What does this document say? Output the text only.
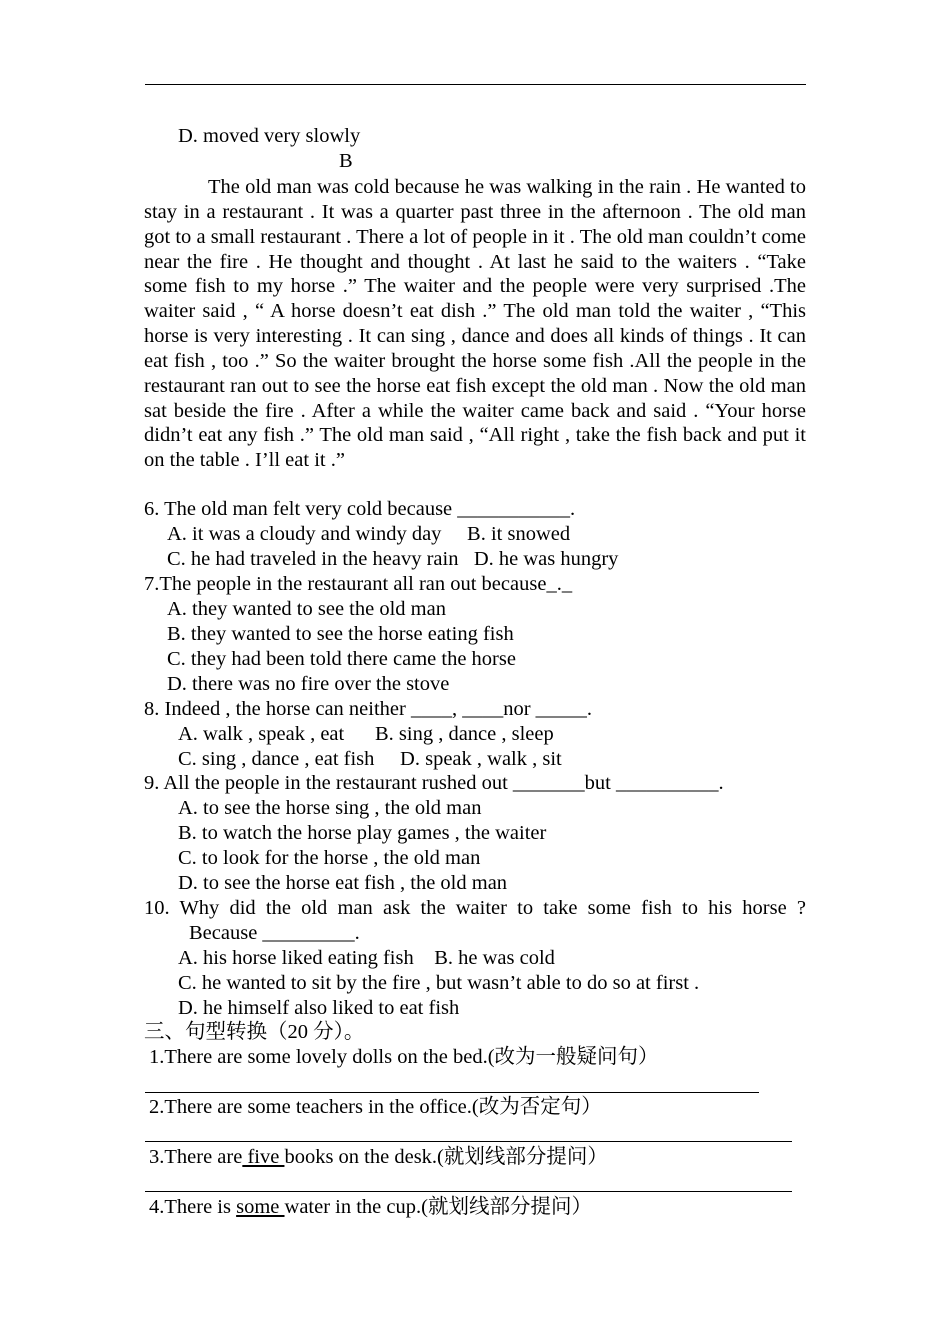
D. moved very slowly
B
The old man was cold because he was walking in the rain . He wanted to stay in a restaurant . It was a quarter past three in the afternoon . The old man got to a small restaurant . There a lot of people in it . The old man couldn’t come near the fire . He thought and thought . At last he said to the waiters . “Take some fish to my horse .” The waiter and the people were very surprised .The waiter said , “ A horse doesn’t eat dish .” The old man told the waiter , “This horse is very interesting . It can sing , dance and does all kinds of things . It can eat fish , too .” So the waiter brought the horse some fish .All the people in the restaurant ran out to see the horse eat fish except the old man . Now the old man sat beside the fire . After a while the waiter came back and said . “Your horse didn’t eat any fish .” The old man said , “All right , take the fish back and put it on the table . I’ll eat it .”
6. The old man felt very cold because ___________.
A. it was a cloudy and windy day     B. it snowed
C. he had traveled in the heavy rain   D. he was hungry
7.The people in the restaurant all ran out because_._
A. they wanted to see the old man
B. they wanted to see the horse eating fish
C. they had been told there came the horse
D. there was no fire over the stove
8. Indeed , the horse can neither ____, ____nor _____.
A. walk , speak , eat      B. sing , dance , sleep
C. sing , dance , eat fish     D. speak , walk , sit
9. All the people in the restaurant rushed out _______but __________.
A. to see the horse sing , the old man
B. to watch the horse play games , the waiter
C. to look for the horse , the old man
D. to see the horse eat fish , the old man
10. Why did the old man ask the waiter to take some fish to his horse ?
Because _________.
A. his horse liked eating fish    B. he was cold
C. he wanted to sit by the fire , but wasn’t able to do so at first .
D. he himself also liked to eat fish
三、句型转换（20 分）。
1.There are some lovely dolls on the bed.(改为一般疑问句）
2.There are some teachers in the office.(改为否定句）
3.There are five books on the desk.(就划线部分提问）
4.There is some water in the cup.(就划线部分提问）
